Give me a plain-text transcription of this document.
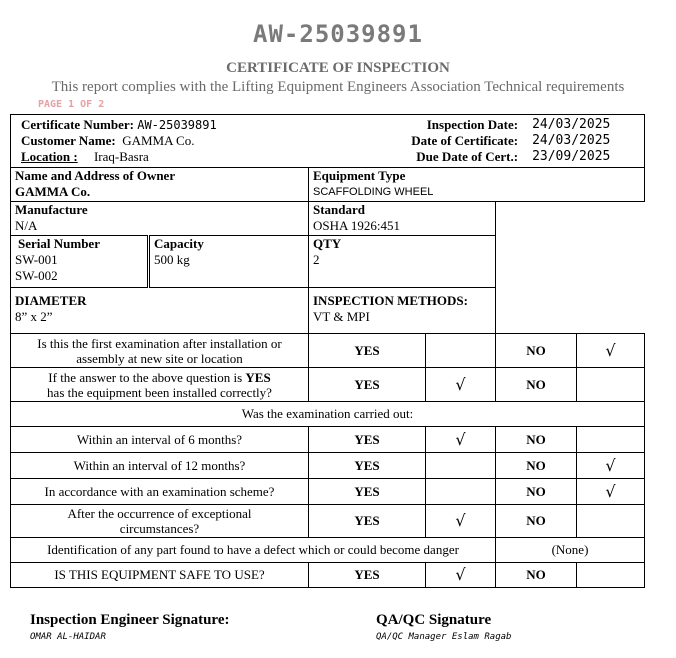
AW-25039891
CERTIFICATE OF INSPECTION
This report complies with the Lifting Equipment Engineers Association Technical requirements
PAGE 1 OF 2
Certificate Number: AW-25039891	Inspection Date:	24/03/2025
Customer Name: GAMMA Co.	Date of Certificate:	24/03/2025
Location : Iraq-Basra	Due Date of Cert.:	23/09/2025

Name and Address of Owner
GAMMA Co.

Equipment Type
SCAFFOLDING WHEEL

Manufacture
N/A

Standard
OSHA 1926:451

Serial Number
SW-001
SW-002

Capacity
500 kg

QTY
2

DIAMETER
8” x 2”

INSPECTION METHODS:
VT & MPI

Is this the first examination after installation or assembly at new site or location	YES		NO	√
If the answer to the above question is YES
has the equipment been installed correctly?	YES	√	NO	
Was the examination carried out:
Within an interval of 6 months?	YES	√	NO	
Within an interval of 12 months?	YES		NO	√
In accordance with an examination scheme?	YES		NO	√
After the occurrence of exceptional circumstances?	YES	√	NO	
Identification of any part found to have a defect which or could become danger	(None)
IS THIS EQUIPMENT SAFE TO USE?	YES	√	NO	
Inspection Engineer Signature:
OMAR AL-HAIDAR
QA/QC Signature
QA/QC Manager Eslam Ragab
